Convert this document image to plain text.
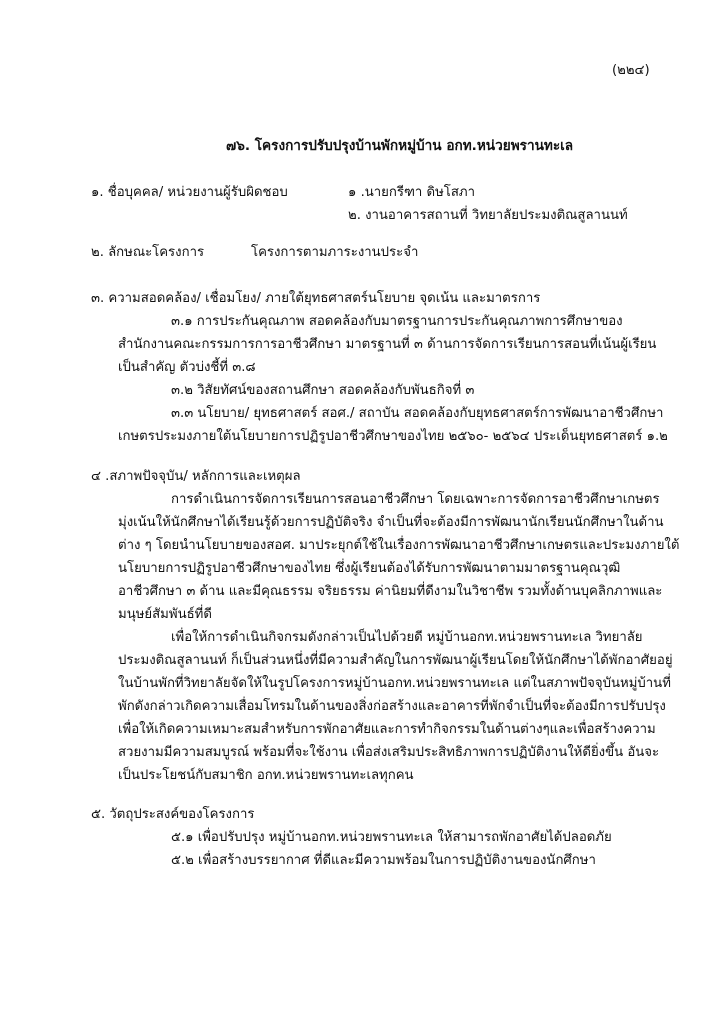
(๒๒๔)
๗๖. โครงการปรับปรุงบ้านพักหมู่บ้าน อกท.หน่วยพรานทะเล
๑. ชื่อบุคคล/ หน่วยงานผู้รับผิดชอบ	๑ .นายกรีฑา ดิษโสภา
๒. งานอาคารสถานที่ วิทยาลัยประมงติณสูลานนท์
๒. ลักษณะโครงการ	โครงการตามภาระงานประจำ
๓. ความสอดคล้อง/ เชื่อมโยง/ ภายใต้ยุทธศาสตร์นโยบาย จุดเน้น และมาตรการ
๓.๑ การประกันคุณภาพ สอดคล้องกับมาตรฐานการประกันคุณภาพการศึกษาของ
สำนักงานคณะกรรมการการอาชีวศึกษา มาตรฐานที่ ๓ ด้านการจัดการเรียนการสอนที่เน้นผู้เรียน
เป็นสำคัญ ตัวบ่งชี้ที่ ๓.๘
๓.๒ วิสัยทัศน์ของสถานศึกษา สอดคล้องกับพันธกิจที่ ๓
๓.๓ นโยบาย/ ยุทธศาสตร์ สอศ./ สถาบัน สอดคล้องกับยุทธศาสตร์การพัฒนาอาชีวศึกษา
เกษตรประมงภายใต้นโยบายการปฏิรูปอาชีวศึกษาของไทย ๒๕๖๐- ๒๕๖๔ ประเด็นยุทธศาสตร์ ๑.๒
๔ .สภาพปัจจุบัน/ หลักการและเหตุผล
การดำเนินการจัดการเรียนการสอนอาชีวศึกษา โดยเฉพาะการจัดการอาชีวศึกษาเกษตร
มุ่งเน้นให้นักศึกษาได้เรียนรู้ด้วยการปฏิบัติจริง จำเป็นที่จะต้องมีการพัฒนานักเรียนนักศึกษาในด้าน
ต่าง ๆ โดยนำนโยบายของสอศ. มาประยุกต์ใช้ในเรื่องการพัฒนาอาชีวศึกษาเกษตรและประมงภายใต้
นโยบายการปฏิรูปอาชีวศึกษาของไทย ซึ่งผู้เรียนต้องได้รับการพัฒนาตามมาตรฐานคุณวุฒิ
อาชีวศึกษา ๓ ด้าน และมีคุณธรรม จริยธรรม ค่านิยมที่ดีงามในวิชาชีพ รวมทั้งด้านบุคลิกภาพและ
มนุษย์สัมพันธ์ที่ดี
เพื่อให้การดำเนินกิจกรมดังกล่าวเป็นไปด้วยดี หมู่บ้านอกท.หน่วยพรานทะเล วิทยาลัย
ประมงติณสูลานนท์ ก็เป็นส่วนหนึ่งที่มีความสำคัญในการพัฒนาผู้เรียนโดยให้นักศึกษาได้พักอาศัยอยู่
ในบ้านพักที่วิทยาลัยจัดให้ในรูปโครงการหมู่บ้านอกท.หน่วยพรานทะเล แต่ในสภาพปัจจุบันหมู่บ้านที่
พักดังกล่าวเกิดความเสื่อมโทรมในด้านของสิ่งก่อสร้างและอาคารที่พักจำเป็นที่จะต้องมีการปรับปรุง
เพื่อให้เกิดความเหมาะสมสำหรับการพักอาศัยและการทำกิจกรรมในด้านต่างๆและเพื่อสร้างความ
สวยงามมีความสมบูรณ์ พร้อมที่จะใช้งาน เพื่อส่งเสริมประสิทธิภาพการปฏิบัติงานให้ดียิ่งขึ้น อันจะ
เป็นประโยชน์กับสมาชิก อกท.หน่วยพรานทะเลทุกคน
๕. วัตถุประสงค์ของโครงการ
๕.๑ เพื่อปรับปรุง หมู่บ้านอกท.หน่วยพรานทะเล ให้สามารถพักอาศัยได้ปลอดภัย
๕.๒ เพื่อสร้างบรรยากาศ ที่ดีและมีความพร้อมในการปฏิบัติงานของนักศึกษา
